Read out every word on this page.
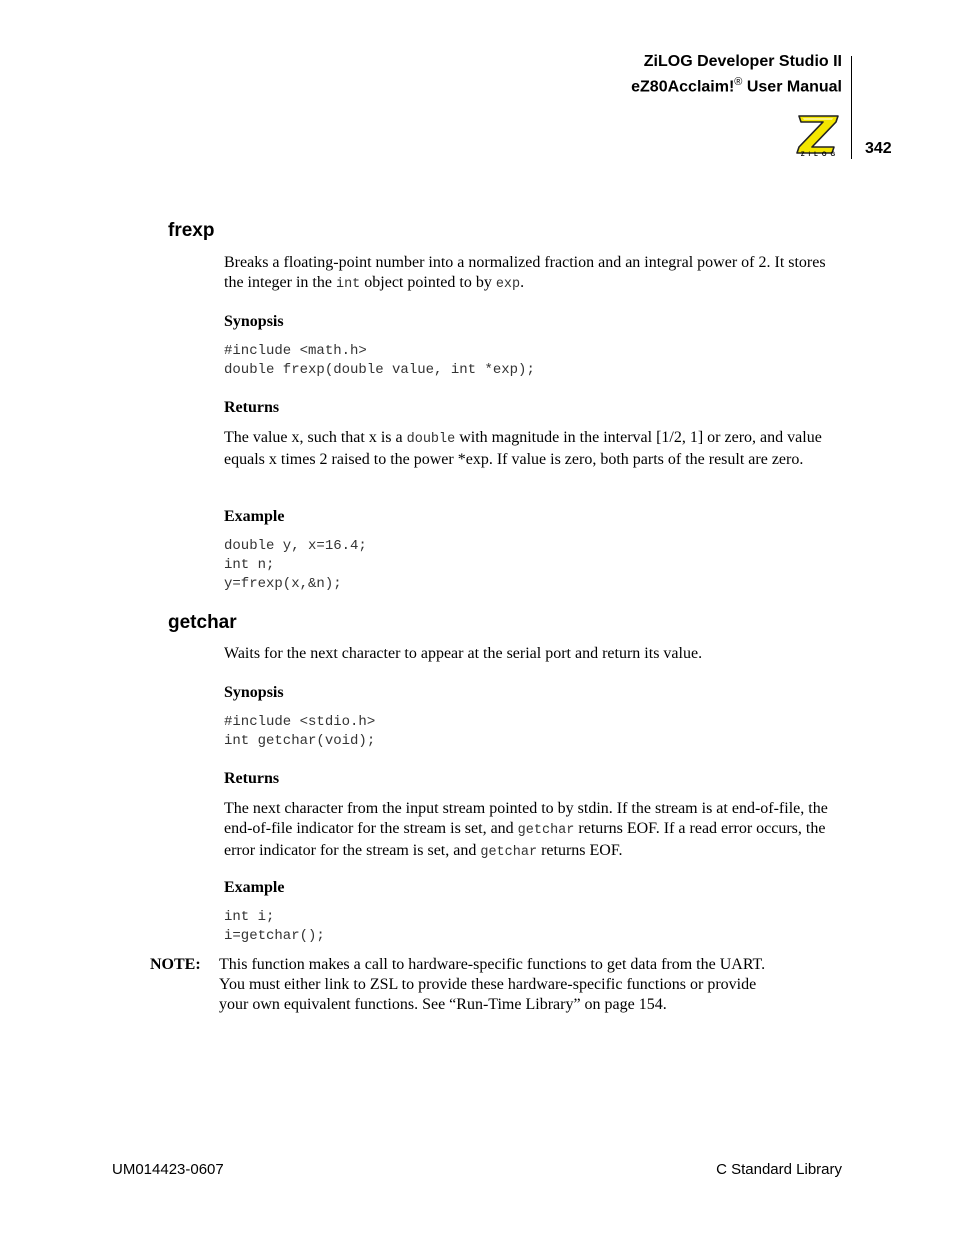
ZiLOG Developer Studio II
eZ80Acclaim!® User Manual
342
ZiLOG
frexp
Breaks a floating-point number into a normalized fraction and an integral power of 2. It stores the integer in the int object pointed to by exp.
Synopsis
#include <math.h>
double frexp(double value, int *exp);
Returns
The value x, such that x is a double with magnitude in the interval [1/2, 1] or zero, and value equals x times 2 raised to the power *exp. If value is zero, both parts of the result are zero.
Example
double y, x=16.4;
int n;
y=frexp(x,&n);
getchar
Waits for the next character to appear at the serial port and return its value.
Synopsis
#include <stdio.h>
int getchar(void);
Returns
The next character from the input stream pointed to by stdin. If the stream is at end-of-file, the end-of-file indicator for the stream is set, and getchar returns EOF. If a read error occurs, the error indicator for the stream is set, and getchar returns EOF.
Example
int i;
i=getchar();
NOTE: This function makes a call to hardware-specific functions to get data from the UART. You must either link to ZSL to provide these hardware-specific functions or provide your own equivalent functions. See “Run-Time Library” on page 154.
UM014423-0607	C Standard Library
